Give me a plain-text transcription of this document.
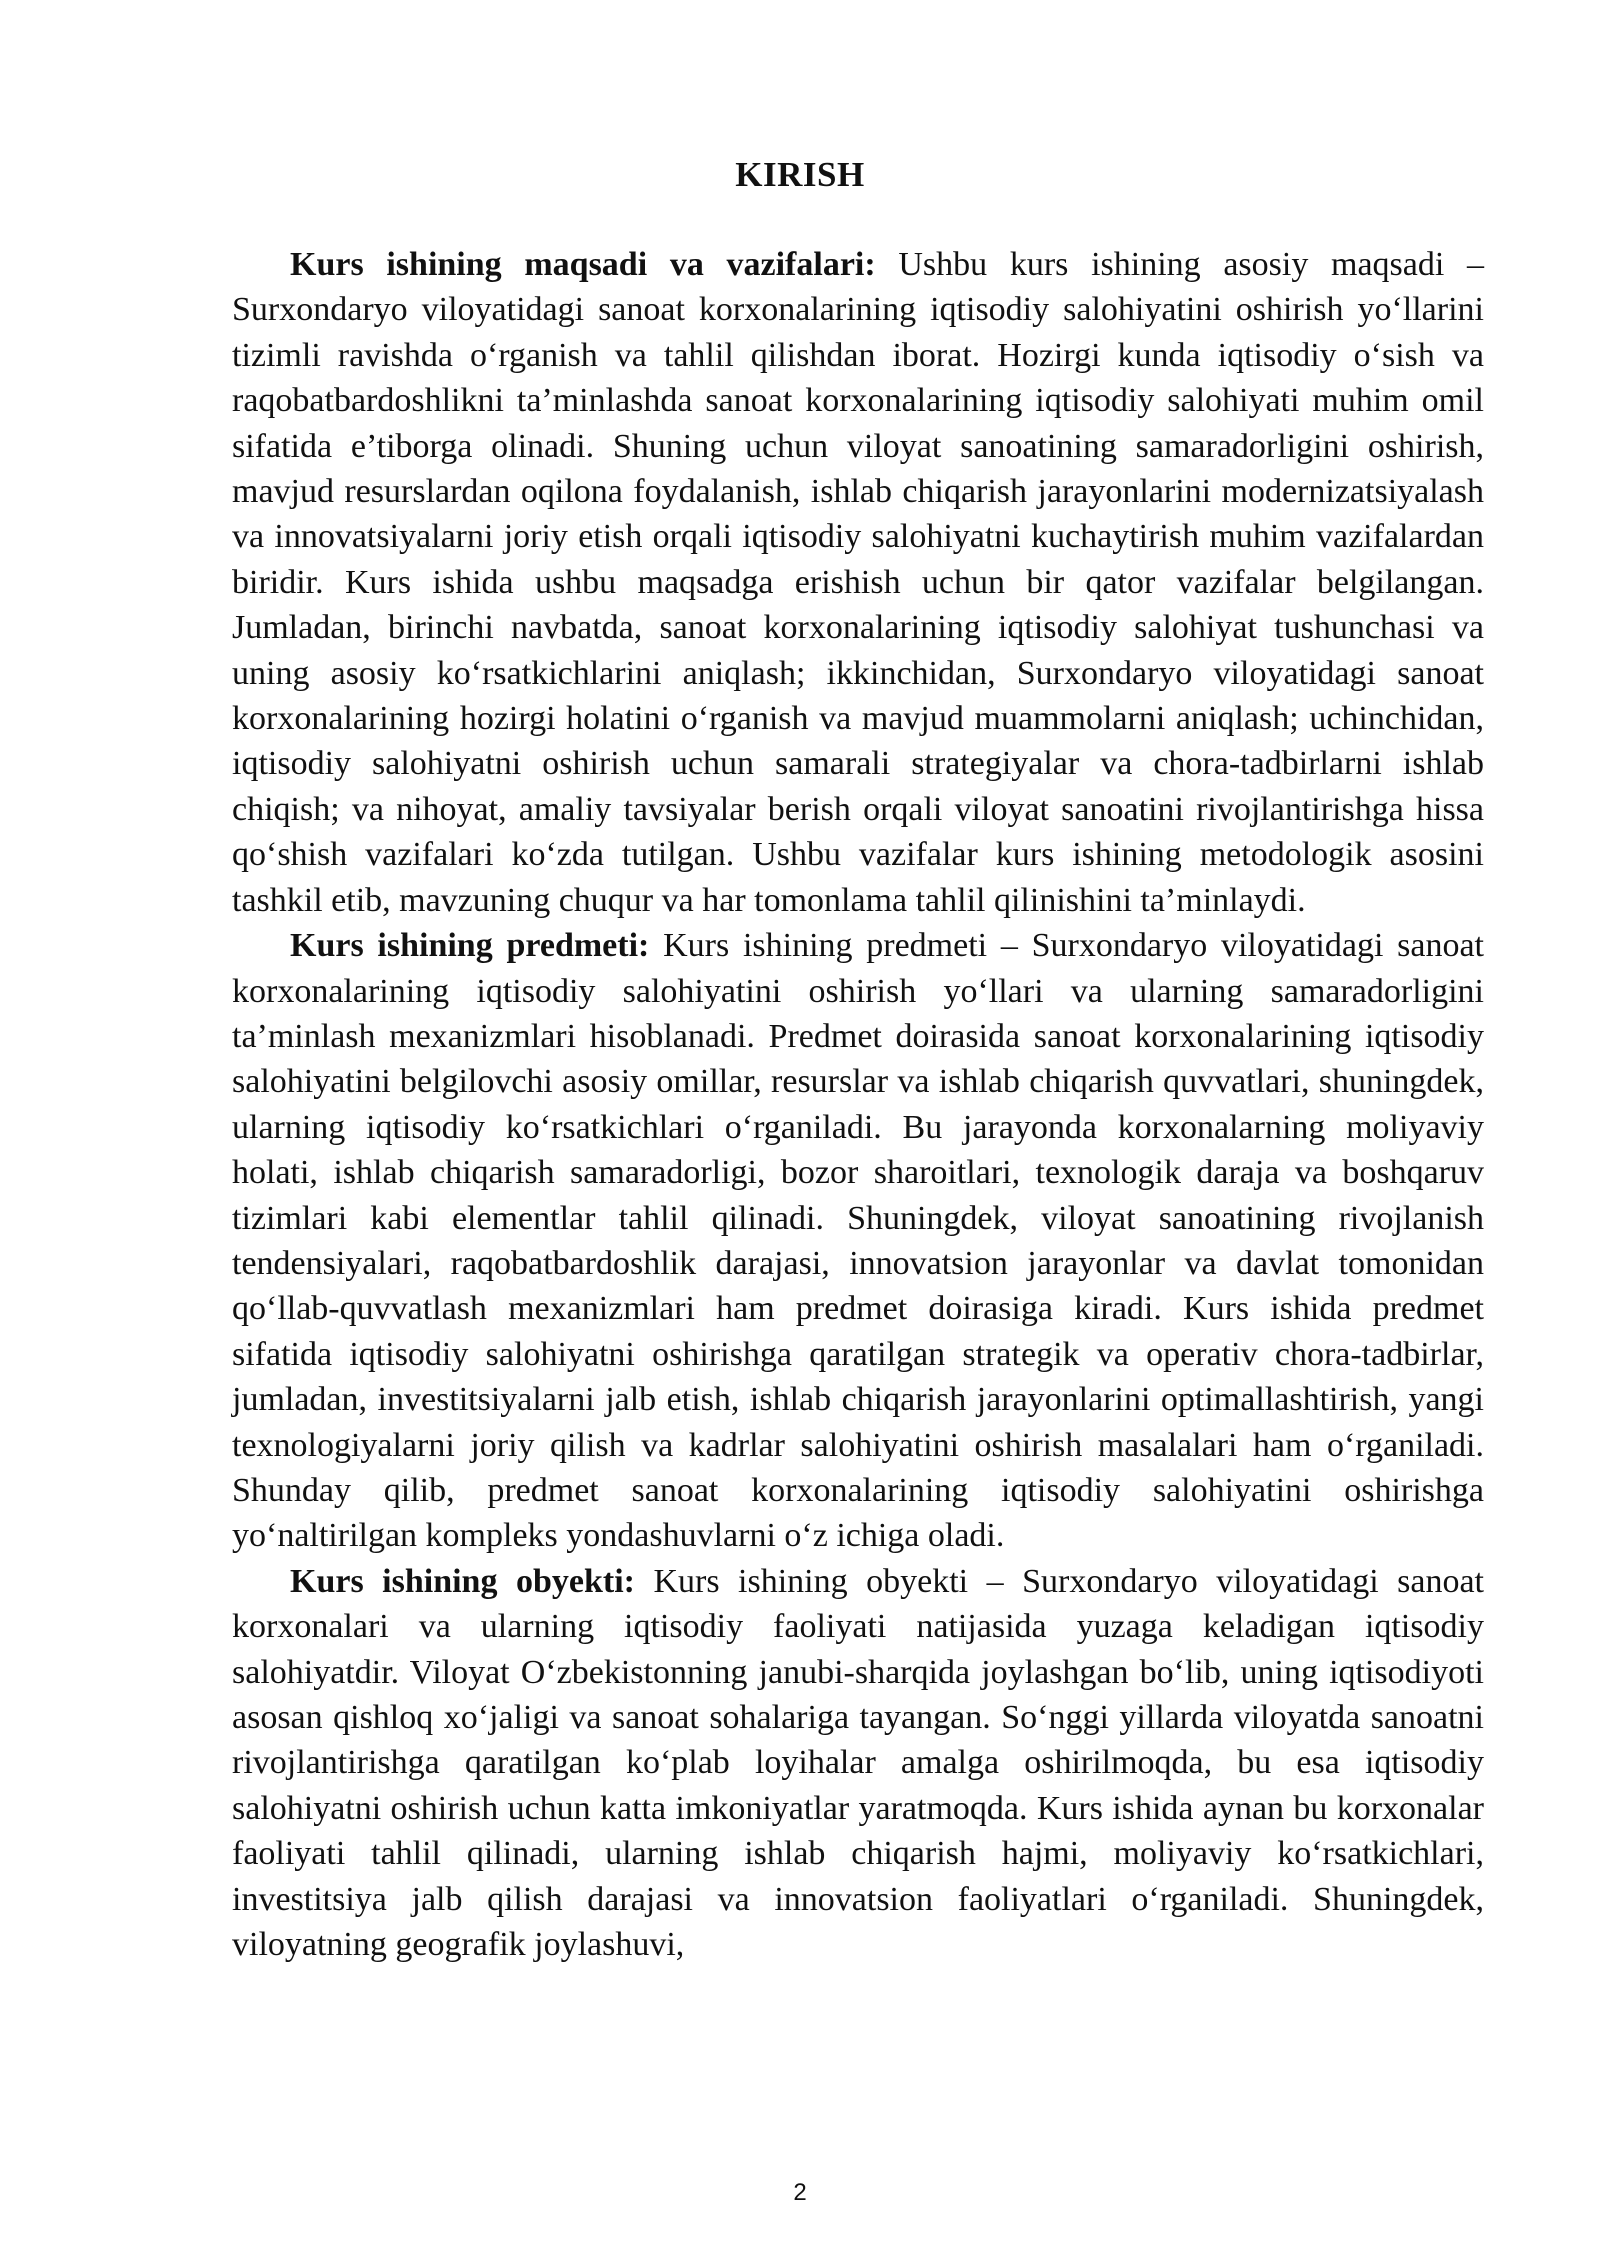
KIRISH

Kurs ishining maqsadi va vazifalari: Ushbu kurs ishining asosiy maqsadi – Surxondaryo viloyatidagi sanoat korxonalarining iqtisodiy salohiyatini oshirish yo‘llarini tizimli ravishda o‘rganish va tahlil qilishdan iborat. Hozirgi kunda iqtisodiy o‘sish va raqobatbardoshlikni ta’minlashda sanoat korxonalarining iqtisodiy salohiyati muhim omil sifatida e’tiborga olinadi. Shuning uchun viloyat sanoatining samaradorligini oshirish, mavjud resurslardan oqilona foydalanish, ishlab chiqarish jarayonlarini modernizatsiyalash va innovatsiyalarni joriy etish orqali iqtisodiy salohiyatni kuchaytirish muhim vazifalardan biridir. Kurs ishida ushbu maqsadga erishish uchun bir qator vazifalar belgilangan. Jumladan, birinchi navbatda, sanoat korxonalarining iqtisodiy salohiyat tushunchasi va uning asosiy ko‘rsatkichlarini aniqlash; ikkinchidan, Surxondaryo viloyatidagi sanoat korxonalarining hozirgi holatini o‘rganish va mavjud muammolarni aniqlash; uchinchidan, iqtisodiy salohiyatni oshirish uchun samarali strategiyalar va chora-tadbirlarni ishlab chiqish; va nihoyat, amaliy tavsiyalar berish orqali viloyat sanoatini rivojlantirishga hissa qo‘shish vazifalari ko‘zda tutilgan. Ushbu vazifalar kurs ishining metodologik asosini tashkil etib, mavzuning chuqur va har tomonlama tahlil qilinishini ta’minlaydi.

Kurs ishining predmeti: Kurs ishining predmeti – Surxondaryo viloyatidagi sanoat korxonalarining iqtisodiy salohiyatini oshirish yo‘llari va ularning samaradorligini ta’minlash mexanizmlari hisoblanadi. Predmet doirasida sanoat korxonalarining iqtisodiy salohiyatini belgilovchi asosiy omillar, resurslar va ishlab chiqarish quvvatlari, shuningdek, ularning iqtisodiy ko‘rsatkichlari o‘rganiladi. Bu jarayonda korxonalarning moliyaviy holati, ishlab chiqarish samaradorligi, bozor sharoitlari, texnologik daraja va boshqaruv tizimlari kabi elementlar tahlil qilinadi. Shuningdek, viloyat sanoatining rivojlanish tendensiyalari, raqobatbardoshlik darajasi, innovatsion jarayonlar va davlat tomonidan qo‘llab-quvvatlash mexanizmlari ham predmet doirasiga kiradi. Kurs ishida predmet sifatida iqtisodiy salohiyatni oshirishga qaratilgan strategik va operativ chora-tadbirlar, jumladan, investitsiyalarni jalb etish, ishlab chiqarish jarayonlarini optimallashtirish, yangi texnologiyalarni joriy qilish va kadrlar salohiyatini oshirish masalalari ham o‘rganiladi. Shunday qilib, predmet sanoat korxonalarining iqtisodiy salohiyatini oshirishga yo‘naltirilgan kompleks yondashuvlarni o‘z ichiga oladi.

Kurs ishining obyekti: Kurs ishining obyekti – Surxondaryo viloyatidagi sanoat korxonalari va ularning iqtisodiy faoliyati natijasida yuzaga keladigan iqtisodiy salohiyatdir. Viloyat O‘zbekistonning janubi-sharqida joylashgan bo‘lib, uning iqtisodiyoti asosan qishloq xo‘jaligi va sanoat sohalariga tayangan. So‘nggi yillarda viloyatda sanoatni rivojlantirishga qaratilgan ko‘plab loyihalar amalga oshirilmoqda, bu esa iqtisodiy salohiyatni oshirish uchun katta imkoniyatlar yaratmoqda. Kurs ishida aynan bu korxonalar faoliyati tahlil qilinadi, ularning ishlab chiqarish hajmi, moliyaviy ko‘rsatkichlari, investitsiya jalb qilish darajasi va innovatsion faoliyatlari o‘rganiladi. Shuningdek, viloyatning geografik joylashuvi,

2
